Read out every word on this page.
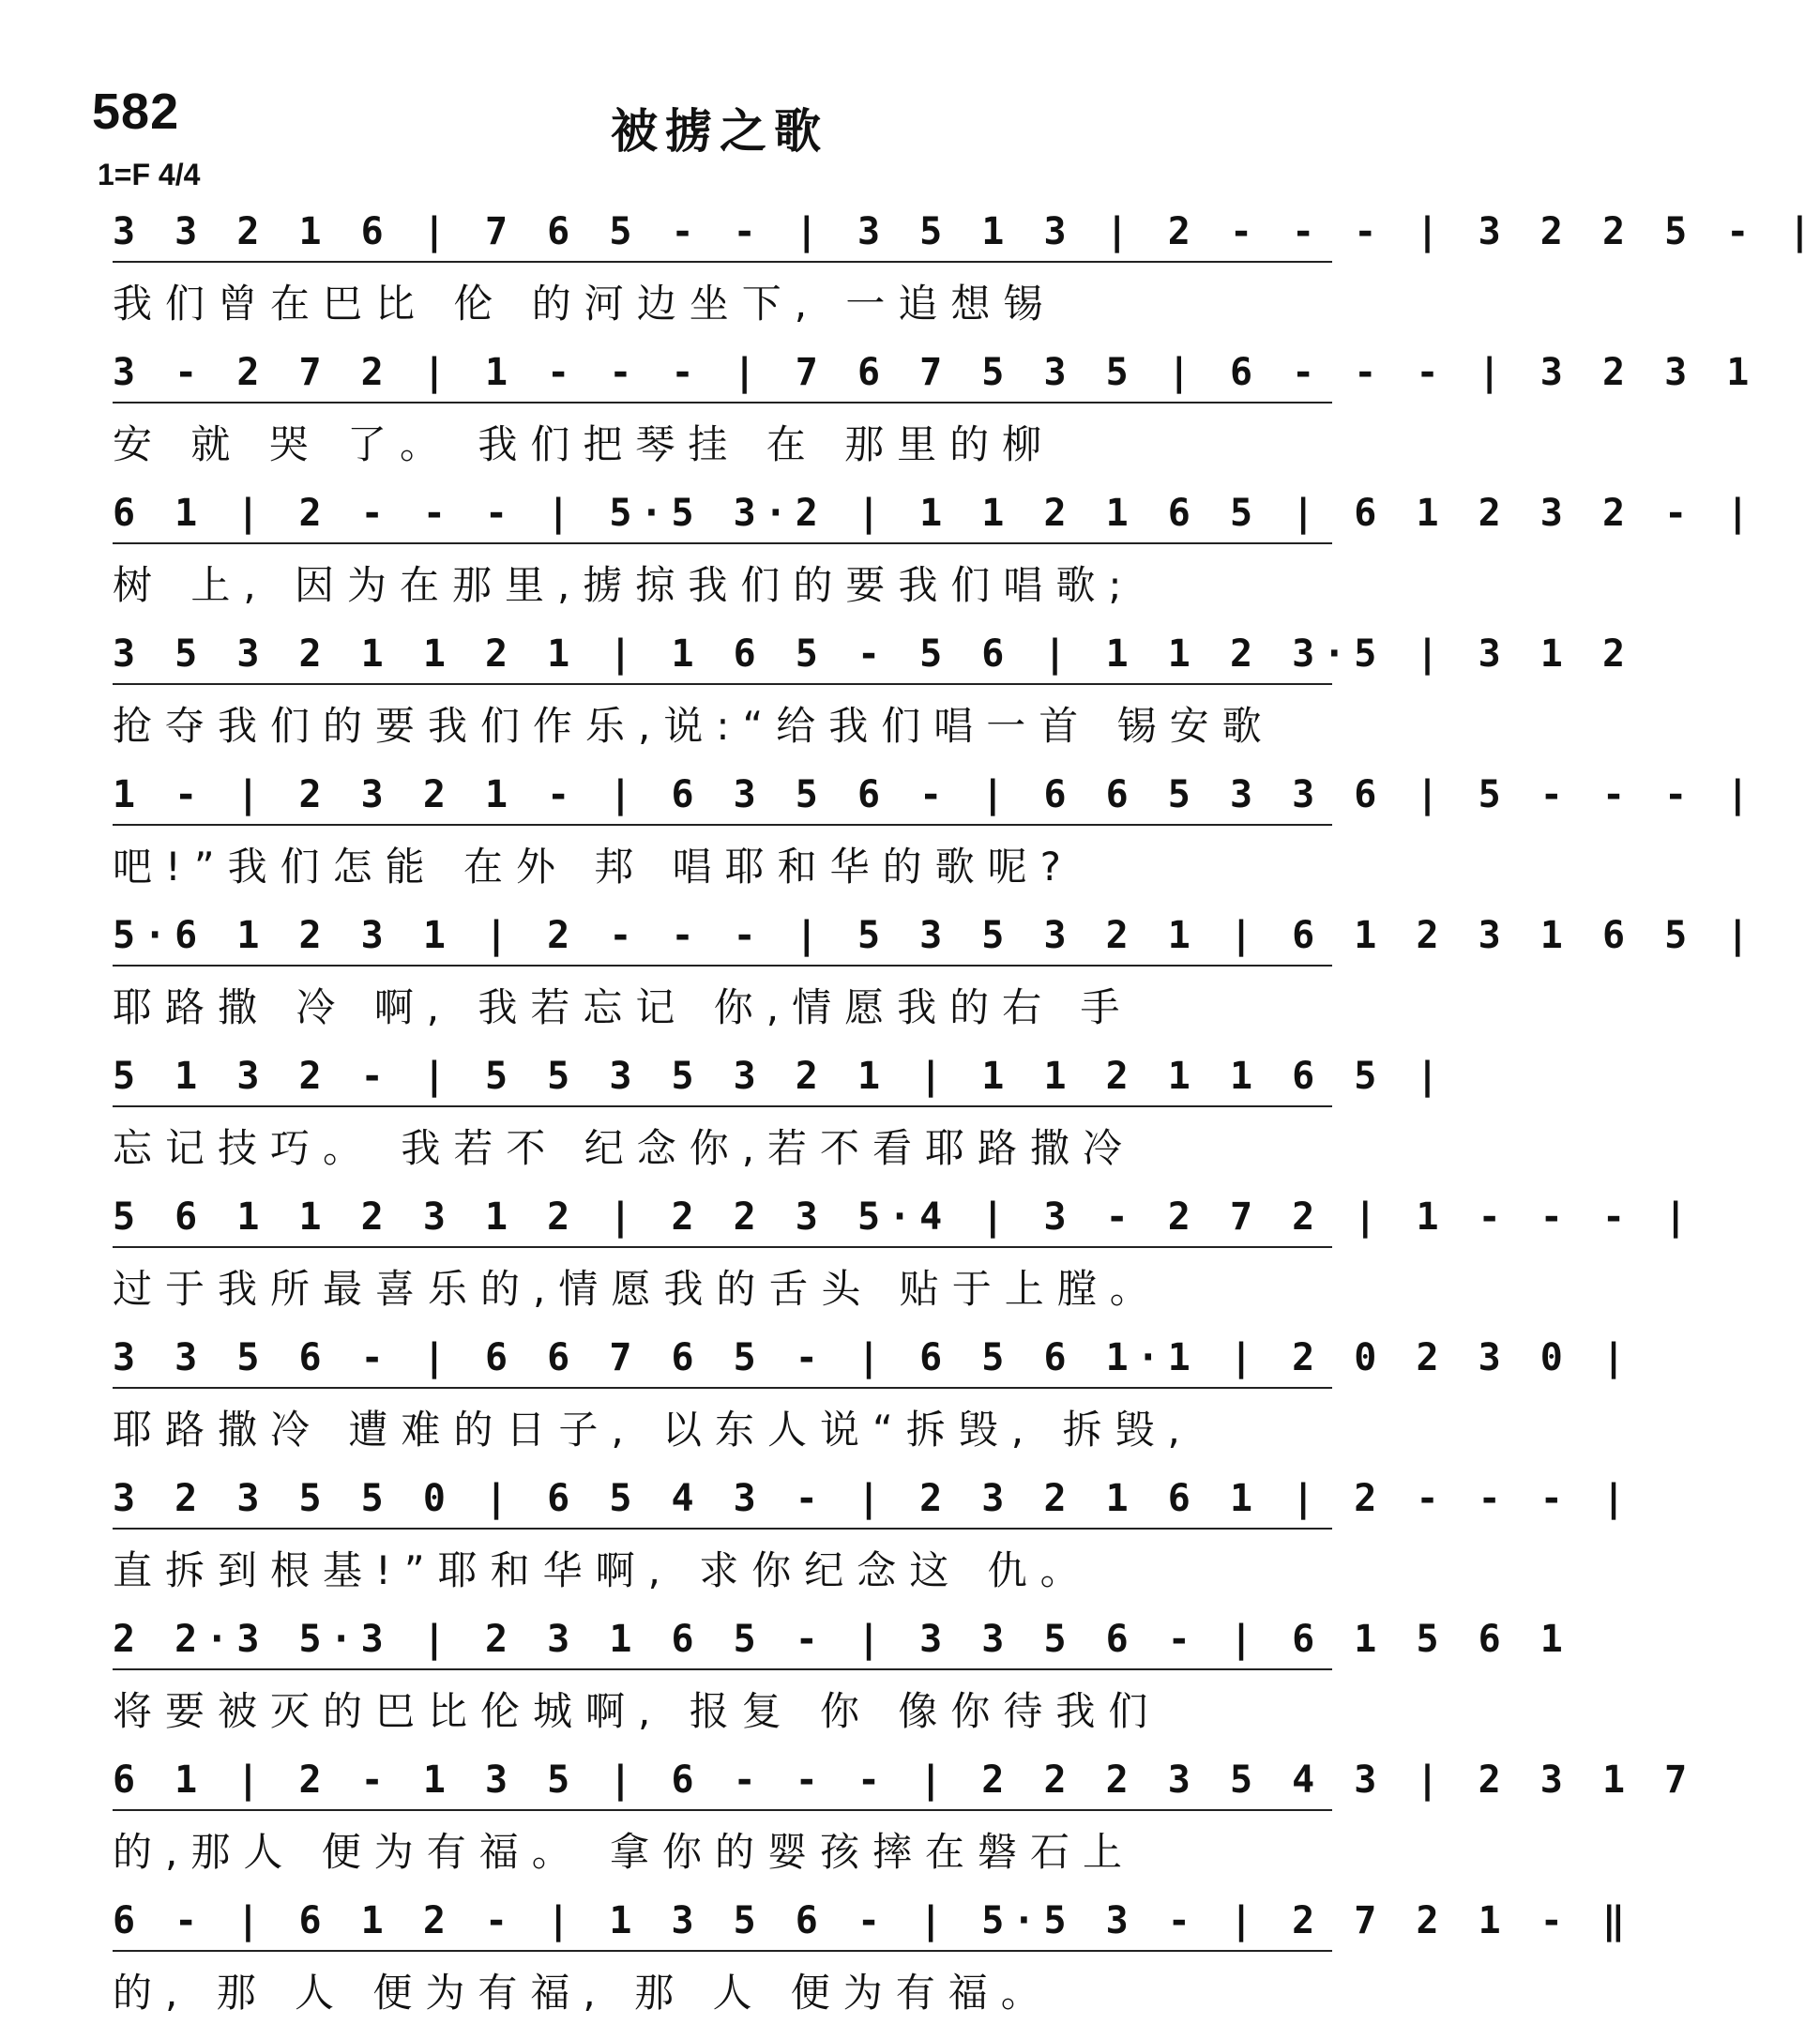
582	被掳之歌
1=F 4/4
3 3 2 1 6 | 7 6 5 - - | 3 5 1 3 | 2 - - - | 3 2 2 5 - |
我们曾在巴比 伦 的河边坐下, 一追想锡
3 - 2 7 2 | 1 - - - | 7 6 7 5 3 5 | 6 - - - | 3 2 3 1
安 就 哭 了。 我们把琴挂 在 那里的柳
6 1 | 2 - - - | 5·5 3·2 | 1 1 2 1 6 5 | 6 1 2 3 2 - |
树 上, 因为在那里,掳掠我们的要我们唱歌;
3 5 3 2 1 1 2 1 | 1 6 5 - 5 6 | 1 1 2 3·5 | 3 1 2
抢夺我们的要我们作乐,说:“给我们唱一首 锡安歌
1 - | 2 3 2 1 - | 6 3 5 6 - | 6 6 5 3 3 6 | 5 - - - |
吧!”我们怎能 在外 邦 唱耶和华的歌呢?
5·6 1 2 3 1 | 2 - - - | 5 3 5 3 2 1 | 6 1 2 3 1 6 5 |
耶路撒 冷 啊, 我若忘记 你,情愿我的右 手
5 1 3 2 - | 5 5 3 5 3 2 1 | 1 1 2 1 1 6 5 |
忘记技巧。 我若不 纪念你,若不看耶路撒冷
5 6 1 1 2 3 1 2 | 2 2 3 5·4 | 3 - 2 7 2 | 1 - - - |
过于我所最喜乐的,情愿我的舌头 贴于上膛。
3 3 5 6 - | 6 6 7 6 5 - | 6 5 6 1·1 | 2 0 2 3 0 |
耶路撒冷 遭难的日子, 以东人说“拆毁, 拆毁,
3 2 3 5 5 0 | 6 5 4 3 - | 2 3 2 1 6 1 | 2 - - - |
直拆到根基!”耶和华啊, 求你纪念这 仇。
2 2·3 5·3 | 2 3 1 6 5 - | 3 3 5 6 - | 6 1 5 6 1
将要被灭的巴比伦城啊, 报复 你 像你待我们
6 1 | 2 - 1 3 5 | 6 - - - | 2 2 2 3 5 4 3 | 2 3 1 7
的,那人 便为有福。 拿你的婴孩摔在磐石上
6 - | 6 1 2 - | 1 3 5 6 - | 5·5 3 - | 2 7 2 1 - ‖
的, 那 人 便为有福, 那 人 便为有福。
